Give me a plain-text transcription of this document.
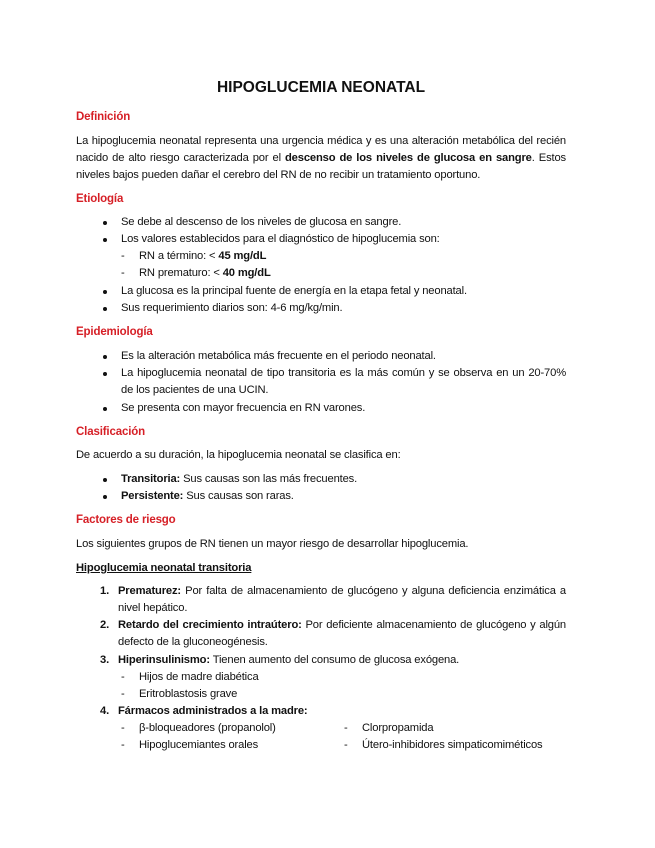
HIPOGLUCEMIA NEONATAL
Definición
La hipoglucemia neonatal representa una urgencia médica y es una alteración metabólica del recién nacido de alto riesgo caracterizada por el descenso de los niveles de glucosa en sangre. Estos niveles bajos pueden dañar el cerebro del RN de no recibir un tratamiento oportuno.
Etiología
Se debe al descenso de los niveles de glucosa en sangre.
Los valores establecidos para el diagnóstico de hipoglucemia son:
- RN a término: < 45 mg/dL
- RN prematuro: < 40 mg/dL
La glucosa es la principal fuente de energía en la etapa fetal y neonatal.
Sus requerimiento diarios son: 4-6 mg/kg/min.
Epidemiología
Es la alteración metabólica más frecuente en el periodo neonatal.
La hipoglucemia neonatal de tipo transitoria es la más común y se observa en un 20-70% de los pacientes de una UCIN.
Se presenta con mayor frecuencia en RN varones.
Clasificación
De acuerdo a su duración, la hipoglucemia neonatal se clasifica en:
Transitoria: Sus causas son las más frecuentes.
Persistente: Sus causas son raras.
Factores de riesgo
Los siguientes grupos de RN tienen un mayor riesgo de desarrollar hipoglucemia.
Hipoglucemia neonatal transitoria
1. Prematurez: Por falta de almacenamiento de glucógeno y alguna deficiencia enzimática a nivel hepático.
2. Retardo del crecimiento intraútero: Por deficiente almacenamiento de glucógeno y algún defecto de la gluconeogénesis.
3. Hiperinsulinismo: Tienen aumento del consumo de glucosa exógena.
- Hijos de madre diabética
- Eritroblastosis grave
4. Fármacos administrados a la madre:
- β-bloqueadores (propanolol)
- Hipoglucemiantes orales
- Clorpropamida
- Útero-inhibidores simpaticomiméticos
